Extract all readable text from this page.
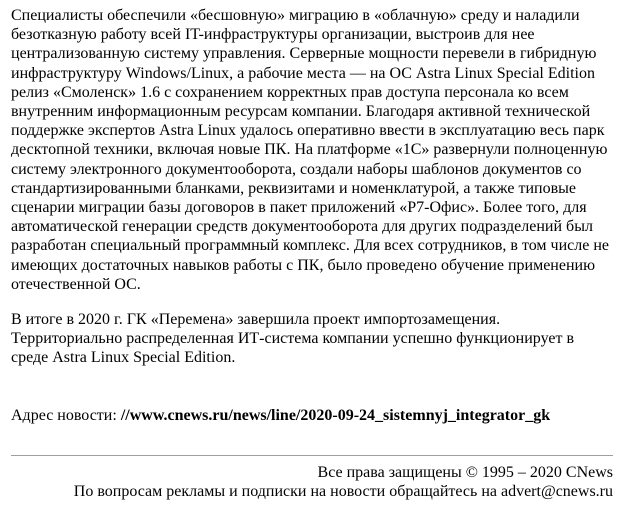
Специалисты обеспечили «бесшовную» миграцию в «облачную» среду и наладили безотказную работу всей IT-инфраструктуры организации, выстроив для нее централизованную систему управления. Серверные мощности перевели в гибридную инфраструктуру Windows/Linux, а рабочие места — на ОС Astra Linux Special Edition релиз «Смоленск» 1.6 с сохранением корректных прав доступа персонала ко всем внутренним информационным ресурсам компании. Благодаря активной технической поддержке экспертов Astra Linux удалось оперативно ввести в эксплуатацию весь парк десктопной техники, включая новые ПК. На платформе «1С» развернули полноценную систему электронного документооборота, создали наборы шаблонов документов со стандартизированными бланками, реквизитами и номенклатурой, а также типовые сценарии миграции базы договоров в пакет приложений «Р7-Офис». Более того, для автоматической генерации средств документооборота для других подразделений был разработан специальный программный комплекс. Для всех сотрудников, в том числе не имеющих достаточных навыков работы с ПК, было проведено обучение применению отечественной ОС.

В итоге в 2020 г. ГК «Перемена» завершила проект импортозамещения. Территориально распределенная ИТ-система компании успешно функционирует в среде Astra Linux Special Edition.

Адрес новости: //www.cnews.ru/news/line/2020-09-24_sistemnyj_integrator_gk
Все права защищены © 1995 – 2020 CNews
По вопросам рекламы и подписки на новости обращайтесь на advert@cnews.ru
